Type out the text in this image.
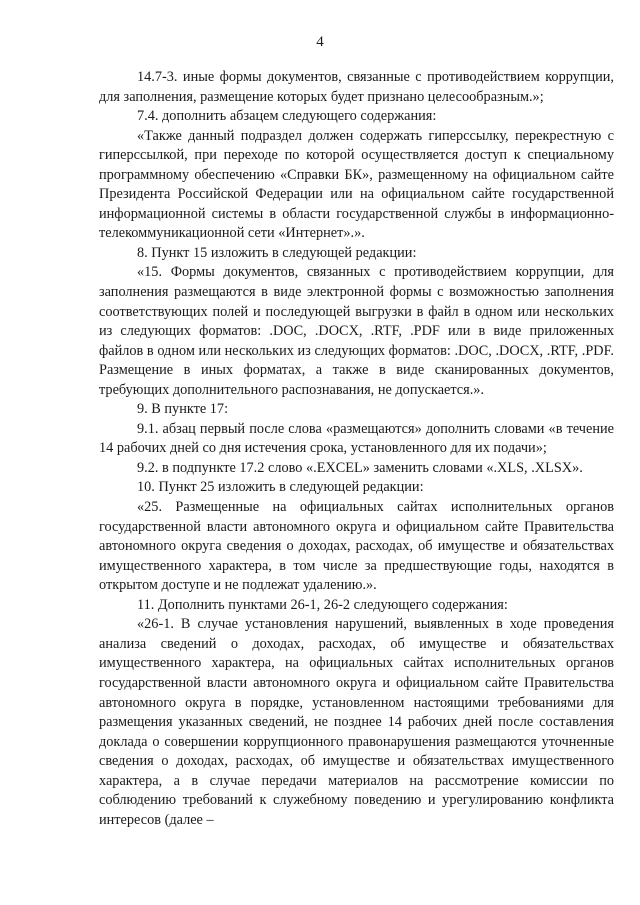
4

14.7-3. иные формы документов, связанные с противодействием коррупции, для заполнения, размещение которых будет признано целесообразным.»;

7.4. дополнить абзацем следующего содержания:

«Также данный подраздел должен содержать гиперссылку, перекрестную с гиперссылкой, при переходе по которой осуществляется доступ к специальному программному обеспечению «Справки БК», размещенному на официальном сайте Президента Российской Федерации или на официальном сайте государственной информационной системы в области государственной службы в информационно-телекоммуникационной сети «Интернет».».

8. Пункт 15 изложить в следующей редакции:

«15. Формы документов, связанных с противодействием коррупции, для заполнения размещаются в виде электронной формы с возможностью заполнения соответствующих полей и последующей выгрузки в файл в одном или нескольких из следующих форматов: .DOC, .DOCX, .RTF, .PDF или в виде приложенных файлов в одном или нескольких из следующих форматов: .DOC, .DOCX, .RTF, .PDF. Размещение в иных форматах, а также в виде сканированных документов, требующих дополнительного распознавания, не допускается.».

9. В пункте 17:

9.1. абзац первый после слова «размещаются» дополнить словами «в течение 14 рабочих дней со дня истечения срока, установленного для их подачи»;

9.2. в подпункте 17.2 слово «.EXCEL» заменить словами «.XLS, .XLSX».

10. Пункт 25 изложить в следующей редакции:

«25. Размещенные на официальных сайтах исполнительных органов государственной власти автономного округа и официальном сайте Правительства автономного округа сведения о доходах, расходах, об имуществе и обязательствах имущественного характера, в том числе за предшествующие годы, находятся в открытом доступе и не подлежат удалению.».

11. Дополнить пунктами 26-1, 26-2 следующего содержания:

«26-1. В случае установления нарушений, выявленных в ходе проведения анализа сведений о доходах, расходах, об имуществе и обязательствах имущественного характера, на официальных сайтах исполнительных органов государственной власти автономного округа и официальном сайте Правительства автономного округа в порядке, установленном настоящими требованиями для размещения указанных сведений, не позднее 14 рабочих дней после составления доклада о совершении коррупционного правонарушения размещаются уточненные сведения о доходах, расходах, об имуществе и обязательствах имущественного характера, а в случае передачи материалов на рассмотрение комиссии по соблюдению требований к служебному поведению и урегулированию конфликта интересов (далее –
